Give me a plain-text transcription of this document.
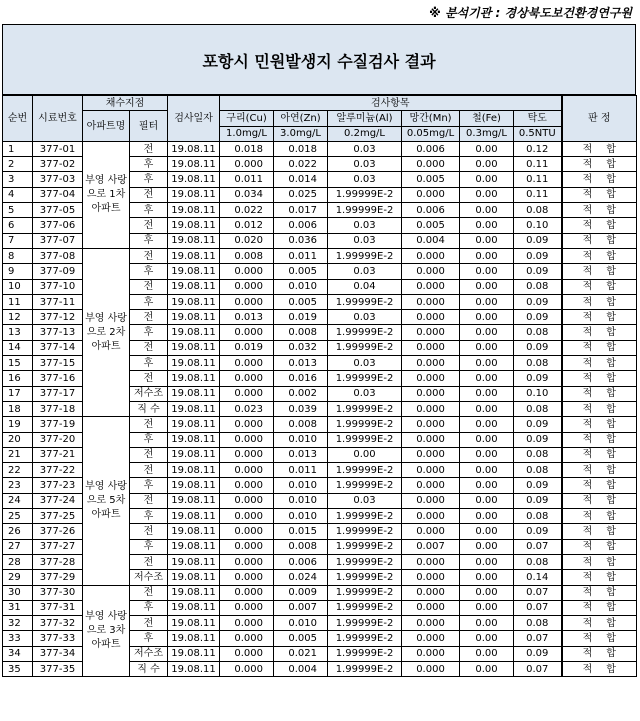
※ 분석기관 : 경상북도보건환경연구원
포항시 민원발생지 수질검사 결과
순번	시료번호	채수지점		검사일자	검사항목						판 정
		아파트명	필터		구리(Cu)	아연(Zn)	알루미늄(Al)	망간(Mn)	철(Fe)	탁도	
					1.0mg/L	3.0mg/L	0.2mg/L	0.05mg/L	0.3mg/L	0.5NTU	
1	377-01	부영 사랑으로 1차아파트	전	19.08.11	0.018	0.018	0.03	0.006	0.00	0.12	적 합
2	377-02		후	19.08.11	0.000	0.022	0.03	0.000	0.00	0.11	적 합
3	377-03		후	19.08.11	0.011	0.014	0.03	0.005	0.00	0.11	적 합
4	377-04		전	19.08.11	0.034	0.025	1.99999E-2	0.000	0.00	0.11	적 합
5	377-05		후	19.08.11	0.022	0.017	1.99999E-2	0.006	0.00	0.08	적 합
6	377-06		전	19.08.11	0.012	0.006	0.03	0.005	0.00	0.10	적 합
7	377-07		후	19.08.11	0.020	0.036	0.03	0.004	0.00	0.09	적 합
8	377-08	부영 사랑으로 2차아파트	전	19.08.11	0.008	0.011	1.99999E-2	0.000	0.00	0.09	적 합
9	377-09		후	19.08.11	0.000	0.005	0.03	0.000	0.00	0.09	적 합
10	377-10		전	19.08.11	0.000	0.010	0.04	0.000	0.00	0.08	적 합
11	377-11		후	19.08.11	0.000	0.005	1.99999E-2	0.000	0.00	0.09	적 합
12	377-12		전	19.08.11	0.013	0.019	0.03	0.000	0.00	0.09	적 합
13	377-13		후	19.08.11	0.000	0.008	1.99999E-2	0.000	0.00	0.08	적 합
14	377-14		전	19.08.11	0.019	0.032	1.99999E-2	0.000	0.00	0.09	적 합
15	377-15		후	19.08.11	0.000	0.013	0.03	0.000	0.00	0.08	적 합
16	377-16		전	19.08.11	0.000	0.016	1.99999E-2	0.000	0.00	0.09	적 합
17	377-17		저수조	19.08.11	0.000	0.002	0.03	0.000	0.00	0.10	적 합
18	377-18		직 수	19.08.11	0.023	0.039	1.99999E-2	0.000	0.00	0.08	적 합
19	377-19	부영 사랑으로 5차아파트	전	19.08.11	0.000	0.008	1.99999E-2	0.000	0.00	0.09	적 합
20	377-20		후	19.08.11	0.000	0.010	1.99999E-2	0.000	0.00	0.09	적 합
21	377-21		전	19.08.11	0.000	0.013	0.00	0.000	0.00	0.08	적 합
22	377-22		전	19.08.11	0.000	0.011	1.99999E-2	0.000	0.00	0.08	적 합
23	377-23		후	19.08.11	0.000	0.010	1.99999E-2	0.000	0.00	0.09	적 합
24	377-24		전	19.08.11	0.000	0.010	0.03	0.000	0.00	0.09	적 합
25	377-25		후	19.08.11	0.000	0.010	1.99999E-2	0.000	0.00	0.08	적 합
26	377-26		전	19.08.11	0.000	0.015	1.99999E-2	0.000	0.00	0.09	적 합
27	377-27		후	19.08.11	0.000	0.008	1.99999E-2	0.007	0.00	0.07	적 합
28	377-28		전	19.08.11	0.000	0.006	1.99999E-2	0.000	0.00	0.08	적 합
29	377-29		저수조	19.08.11	0.000	0.024	1.99999E-2	0.000	0.00	0.14	적 합
30	377-30	부영 사랑으로 3차아파트	전	19.08.11	0.000	0.009	1.99999E-2	0.000	0.00	0.07	적 합
31	377-31		후	19.08.11	0.000	0.007	1.99999E-2	0.000	0.00	0.07	적 합
32	377-32		전	19.08.11	0.000	0.010	1.99999E-2	0.000	0.00	0.08	적 합
33	377-33		후	19.08.11	0.000	0.005	1.99999E-2	0.000	0.00	0.07	적 합
34	377-34		저수조	19.08.11	0.000	0.021	1.99999E-2	0.000	0.00	0.09	적 합
35	377-35		직 수	19.08.11	0.000	0.004	1.99999E-2	0.000	0.00	0.07	적 합
